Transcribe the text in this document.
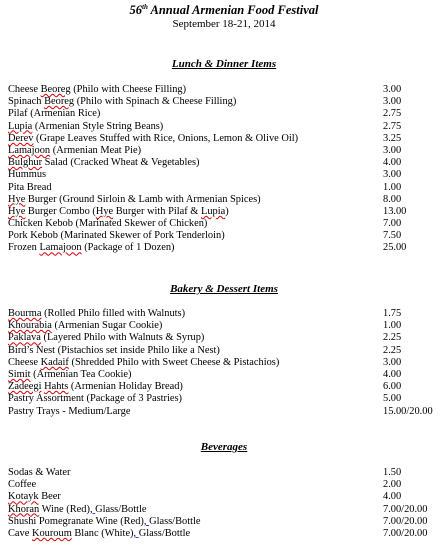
56th Annual Armenian Food Festival
September 18-21, 2014
Lunch & Dinner Items
Cheese Beoreg (Philo with Cheese Filling)	3.00
Spinach Beoreg (Philo with Spinach & Cheese Filling)	3.00
Pilaf (Armenian Rice)	2.75
Lupia (Armenian Style String Beans)	2.75
Derev (Grape Leaves Stuffed with Rice, Onions, Lemon & Olive Oil)	3.25
Lamajoon (Armenian Meat Pie)	3.00
Bulghur Salad (Cracked Wheat & Vegetables)	4.00
Hummus	3.00
Pita Bread	1.00
Hye Burger (Ground Sirloin & Lamb with Armenian Spices)	8.00
Hye Burger Combo (Hye Burger with Pilaf & Lupia)	13.00
Chicken Kebob (Marinated Skewer of Chicken)	7.00
Pork Kebob (Marinated Skewer of Pork Tenderloin)	7.50
Frozen Lamajoon (Package of 1 Dozen)	25.00
Bakery & Dessert Items
Bourma (Rolled Philo filled with Walnuts)	1.75
Khourabia (Armenian Sugar Cookie)	1.00
Paklava (Layered Philo with Walnuts & Syrup)	2.25
Bird’s Nest (Pistachios set inside Philo like a Nest)	2.25
Cheese Kadaif (Shredded Philo with Sweet Cheese & Pistachios)	3.00
Simit (Armenian Tea Cookie)	4.00
Zadeegi Hahts (Armenian Holiday Bread)	6.00
Pastry Assortment (Package of 3 Pastries)	5.00
Pastry Trays - Medium/Large	15.00/20.00
Beverages
Sodas & Water	1.50
Coffee	2.00
Kotayk Beer	4.00
Khoran Wine (Red), Glass/Bottle	7.00/20.00
Shushi Pomegranate Wine (Red), Glass/Bottle	7.00/20.00
Cave Kouroum Blanc (White), Glass/Bottle	7.00/20.00
